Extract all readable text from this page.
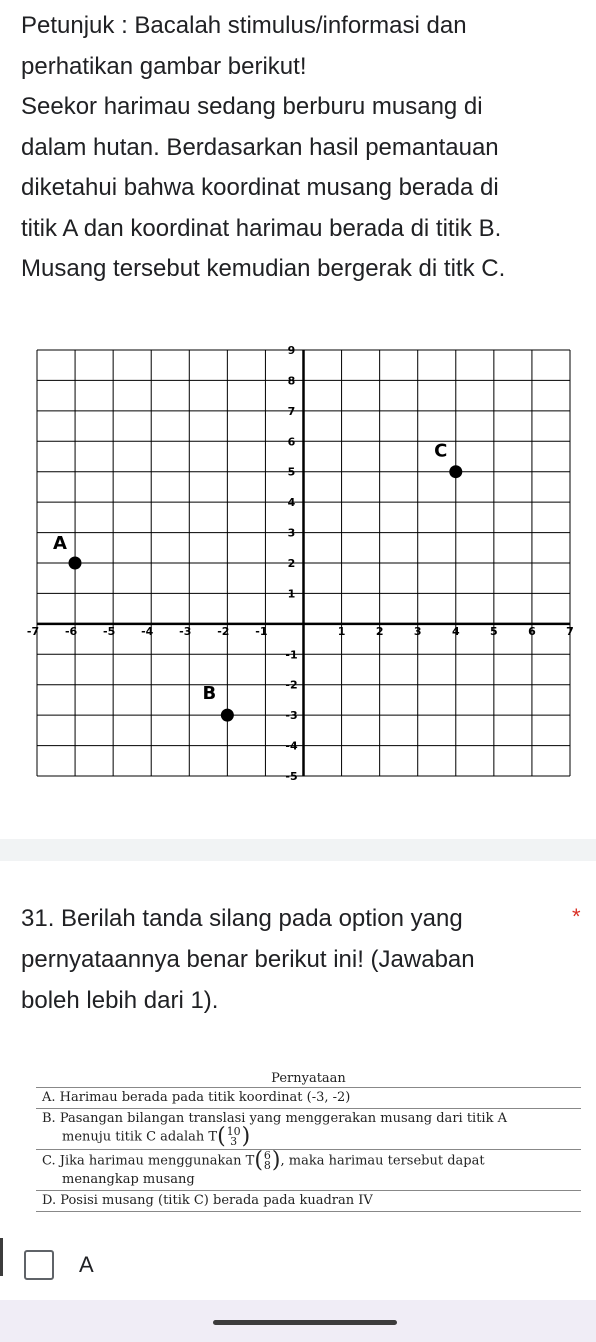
Petunjuk : Bacalah stimulus/informasi dan

perhatikan gambar berikut!

Seekor harimau sedang berburu musang di

dalam hutan. Berdasarkan hasil pemantauan

diketahui bahwa koordinat musang berada di

titik A dan koordinat harimau berada di titik B.

Musang tersebut kemudian bergerak di titk C.

-7 -6 -5 -4 -3 -2 -1	1	2	3	4	5	6	7
9
8
7
6
5
4
3
2
1
-1
-2
-3
-4
-5
A
B
C

31. Berilah tanda silang pada option yang pernyataannya benar berikut ini! (Jawaban boleh lebih dari 1).

*
Pernyataan
A. Harimau berada pada titik koordinat (-3, -2)
B. Pasangan bilangan translasi yang menggerakan musang dari titik A
menuju titik C adalah T(10
3 )
C. Jika harimau menggunakan T(6
8), maka harimau tersebut dapat
menangkap musang
D. Posisi musang (titik C) berada pada kuadran IV
A
